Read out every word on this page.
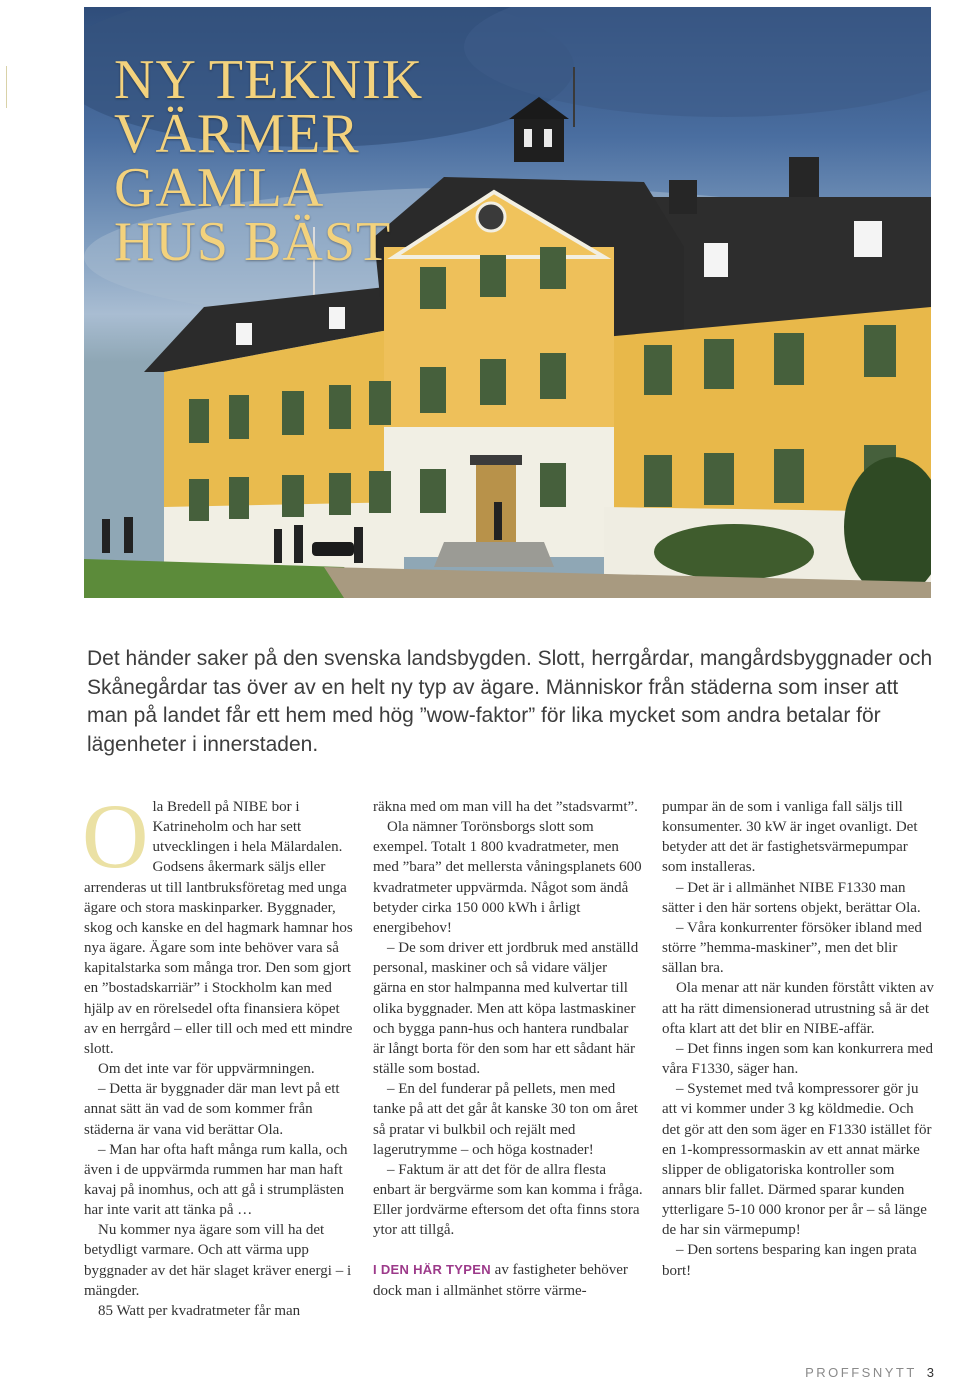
NY TEKNIK
VÄRMER
GAMLA
HUS BÄST

Det händer saker på den svenska landsbygden. Slott, herrgårdar, mangårdsbyggnader och Skånegårdar tas över av en helt ny typ av ägare. Människor från städerna som inser att man på landet får ett hem med hög ”wow-faktor” för lika mycket som andra betalar för lägenheter i innerstaden.

O la Bredell på NIBE bor i Katrineholm och har sett utvecklingen i hela Mälardalen. Godsens åkermark säljs eller arrenderas ut till lantbruksföretag med unga ägare och stora maskinparker. Byggnader, skog och kanske en del hagmark hamnar hos nya ägare. Ägare som inte behöver vara så kapitalstarka som många tror. Den som gjort en ”bostadskarriär” i Stockholm kan med hjälp av en rörelsedel ofta finansiera köpet av en herrgård – eller till och med ett mindre slott.

Om det inte var för uppvärmningen.

– Detta är byggnader där man levt på ett annat sätt än vad de som kommer från städerna är vana vid berättar Ola.

– Man har ofta haft många rum kalla, och även i de uppvärmda rummen har man haft kavaj på inomhus, och att gå i strumplästen har inte varit att tänka på …

Nu kommer nya ägare som vill ha det betydligt varmare. Och att värma upp byggnader av det här slaget kräver energi – i mängder.

85 Watt per kvadratmeter får man

räkna med om man vill ha det ”stadsvarmt”.

Ola nämner Torönsborgs slott som exempel. Totalt 1 800 kvadratmeter, men med ”bara” det mellersta våningsplanets 600 kvadratmeter uppvärmda. Något som ändå betyder cirka 150 000 kWh i årligt energibehov!

– De som driver ett jordbruk med anställd personal, maskiner och så vidare väljer gärna en stor halmpanna med kulvertar till olika byggnader. Men att köpa lastmaskiner och bygga pann-hus och hantera rundbalar är långt borta för den som har ett sådant här ställe som bostad.

– En del funderar på pellets, men med tanke på att det går åt kanske 30 ton om året så pratar vi bulkbil och rejält med lagerutrymme – och höga kostnader!

– Faktum är att det för de allra flesta enbart är bergvärme som kan komma i fråga. Eller jordvärme eftersom det ofta finns stora ytor att tillgå.

I DEN HÄR TYPEN av fastigheter behöver dock man i allmänhet större värme-

pumpar än de som i vanliga fall säljs till konsumenter. 30 kW är inget ovanligt. Det betyder att det är fastighetsvärmepumpar som installeras.

– Det är i allmänhet NIBE F1330 man sätter i den här sortens objekt, berättar Ola.

– Våra konkurrenter försöker ibland med större ”hemma-maskiner”, men det blir sällan bra.

Ola menar att när kunden förstått vikten av att ha rätt dimensionerad utrustning så är det ofta klart att det blir en NIBE-affär.

– Det finns ingen som kan konkurrera med våra F1330, säger han.

– Systemet med två kompressorer gör ju att vi kommer under 3 kg köldmedie. Och det gör att den som äger en F1330 istället för en 1-kompressormaskin av ett annat märke slipper de obligatoriska kontroller som annars blir fallet. Därmed sparar kunden ytterligare 5-10 000 kronor per år – så länge de har sin värmepump!

– Den sortens besparing kan ingen prata bort!

PROFFSNYTT 3
